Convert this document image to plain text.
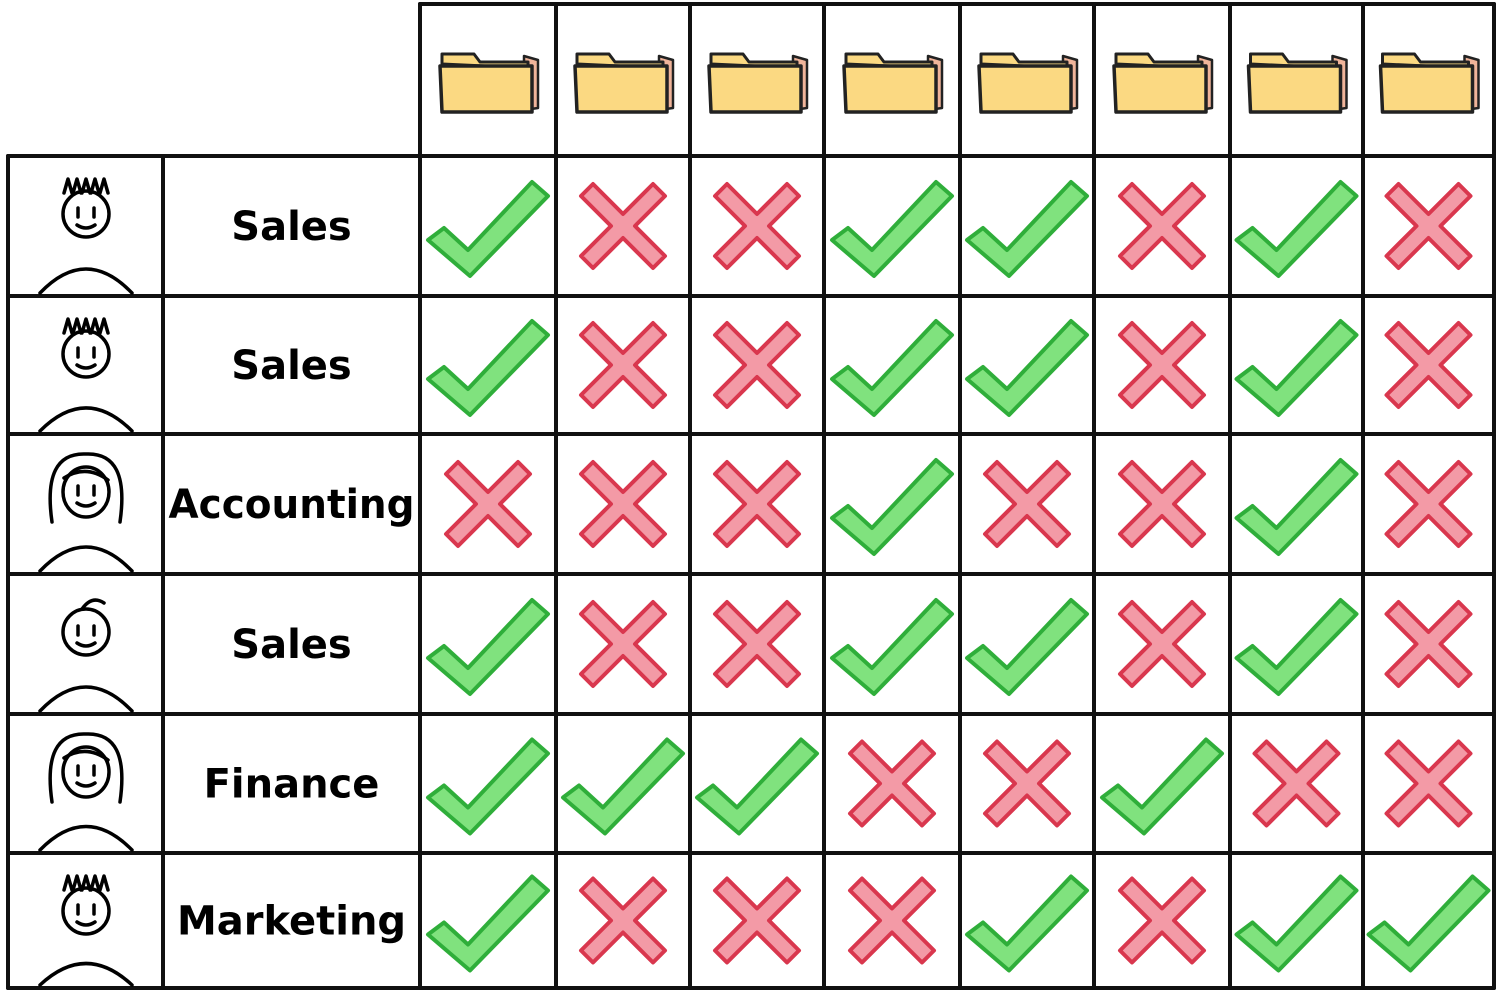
Sales
Sales
Accounting
Sales
Finance
Marketing
